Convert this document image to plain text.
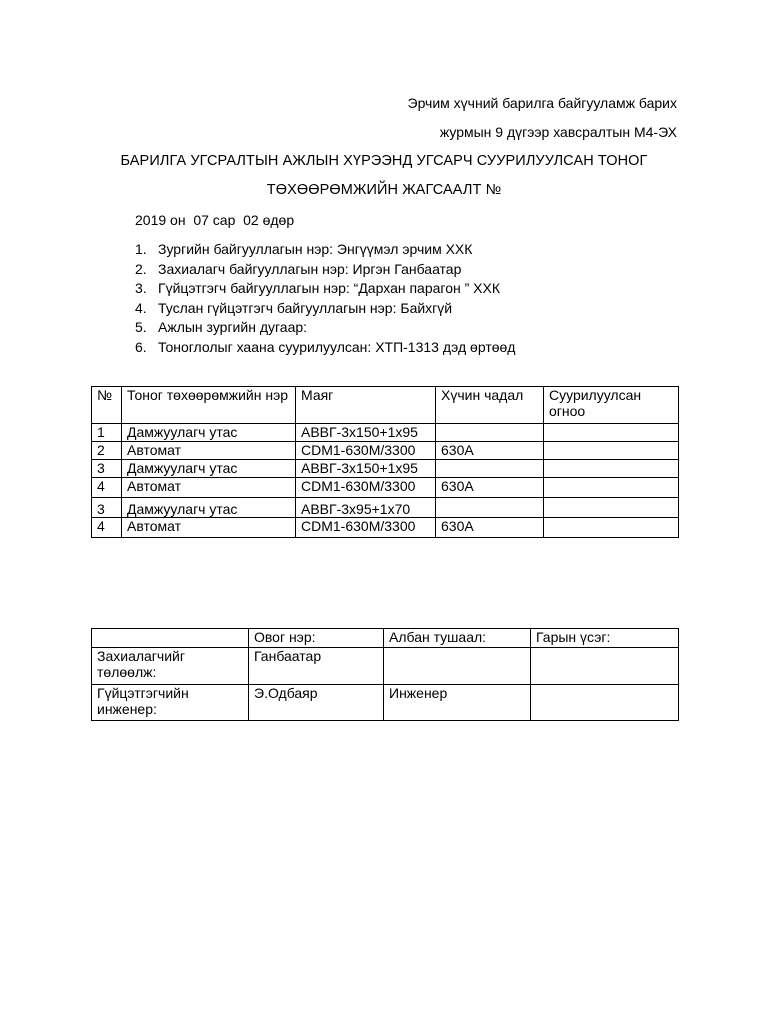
Эрчим хүчний барилга байгууламж барих
журмын 9 дүгээр хавсралтын М4-ЭХ
БАРИЛГА УГСРАЛТЫН АЖЛЫН ХҮРЭЭНД УГСАРЧ СУУРИЛУУЛСАН ТОНОГ
ТӨХӨӨРӨМЖИЙН ЖАГСААЛТ №
2019 он  07 сар  02 өдөр
1. Зургийн байгууллагын нэр: Энгүүмэл эрчим ХХК
2. Захиалагч байгууллагын нэр: Иргэн Ганбаатар
3. Гүйцэтгэгч байгууллагын нэр: “Дархан парагон ” ХХК
4. Туслан гүйцэтгэгч байгууллагын нэр: Байхгүй
5. Ажлын зургийн дугаар:
6. Тоноглолыг хаана суурилуулсан: ХТП-1313 дэд өртөөд
№	Тоног төхөөрөмжийн нэр	Маяг	Хүчин чадал	Суурилуулсан огноо
1	Дамжуулагч утас	АВВГ-3х150+1х95		
2	Автомат	CDM1-630M/3300	630А	
3	Дамжуулагч утас	АВВГ-3х150+1х95		
4	Автомат	CDM1-630M/3300	630А	
3	Дамжуулагч утас	АВВГ-3х95+1х70		
4	Автомат	CDM1-630M/3300	630А	
	Овог нэр:	Албан тушаал:	Гарын үсэг:
Захиалагчийг төлөөлж:	Ганбаатар		
Гүйцэтгэгчийн инженер:	Э.Одбаяр	Инженер	
